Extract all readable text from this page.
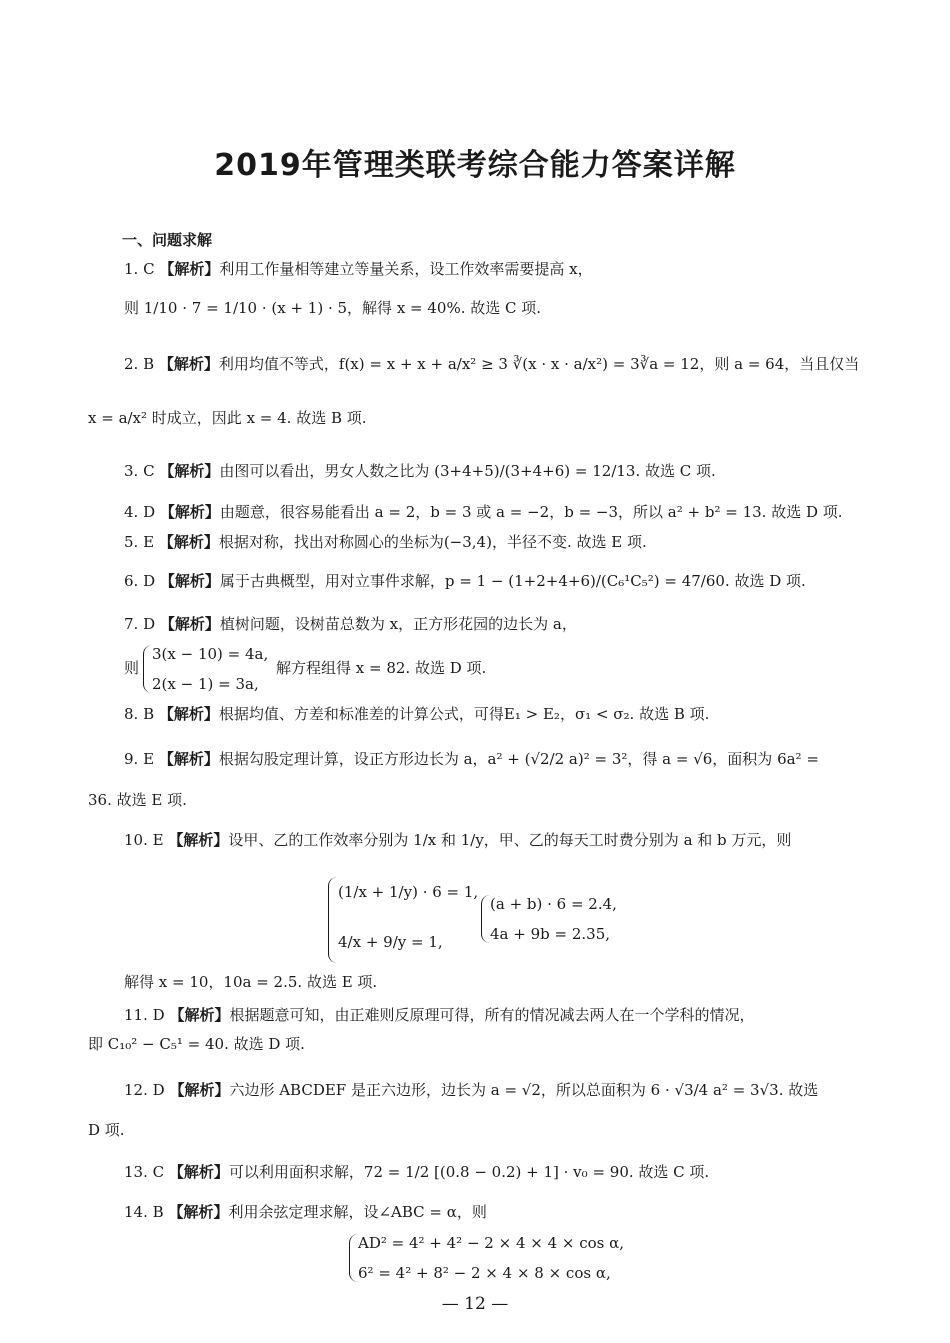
2019年管理类联考综合能力答案详解
一、问题求解
1. C 【解析】利用工作量相等建立等量关系，设工作效率需要提高 x，
则 1/10 · 7 = 1/10 · (x + 1) · 5，解得 x = 40%. 故选 C 项.
2. B 【解析】利用均值不等式，f(x) = x + x + a/x² ≥ 3 ∛(x · x · a/x²) = 3∛a = 12，则 a = 64，当且仅当
x = a/x² 时成立，因此 x = 4. 故选 B 项.
3. C 【解析】由图可以看出，男女人数之比为 (3+4+5)/(3+4+6) = 12/13. 故选 C 项.
4. D 【解析】由题意，很容易能看出 a = 2，b = 3 或 a = −2，b = −3，所以 a² + b² = 13. 故选 D 项.
5. E 【解析】根据对称，找出对称圆心的坐标为(−3,4)，半径不变. 故选 E 项.
6. D 【解析】属于古典概型，用对立事件求解，p = 1 − (1+2+4+6)/(C₆¹C₅²) = 47/60. 故选 D 项.
7. D 【解析】植树问题，设树苗总数为 x，正方形花园的边长为 a，
则
3(x − 10) = 4a,
2(x − 1) = 3a,
解方程组得 x = 82. 故选 D 项.
8. B 【解析】根据均值、方差和标准差的计算公式，可得E₁ > E₂，σ₁ < σ₂. 故选 B 项.
9. E 【解析】根据勾股定理计算，设正方形边长为 a，a² + (√2/2 a)² = 3²，得 a = √6，面积为 6a² =
36. 故选 E 项.
10. E 【解析】设甲、乙的工作效率分别为 1/x 和 1/y，甲、乙的每天工时费分别为 a 和 b 万元，则
(1/x + 1/y) · 6 = 1,
4/x + 9/y = 1,
(a + b) · 6 = 2.4,
4a + 9b = 2.35,
解得 x = 10，10a = 2.5. 故选 E 项.
11. D 【解析】根据题意可知，由正难则反原理可得，所有的情况减去两人在一个学科的情况，
即 C₁₀² − C₅¹ = 40. 故选 D 项.
12. D 【解析】六边形 ABCDEF 是正六边形，边长为 a = √2，所以总面积为 6 · √3/4 a² = 3√3. 故选
D 项.
13. C 【解析】可以利用面积求解，72 = 1/2 [(0.8 − 0.2) + 1] · v₀ = 90. 故选 C 项.
14. B 【解析】利用余弦定理求解，设∠ABC = α，则
AD² = 4² + 4² − 2 × 4 × 4 × cos α,
6² = 4² + 8² − 2 × 4 × 8 × cos α,
— 12 —
